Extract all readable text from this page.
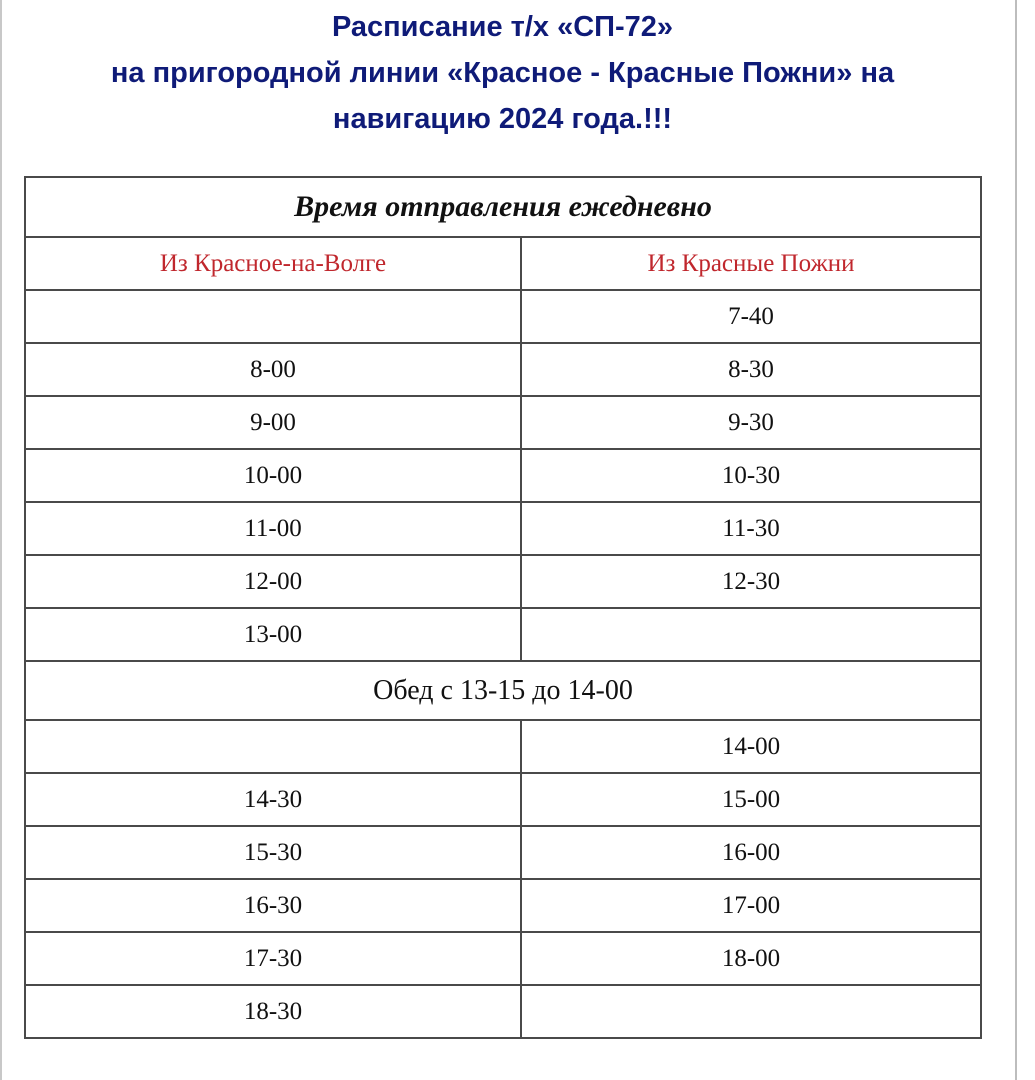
Расписание т/х «СП-72»
на пригородной линии «Красное - Красные Пожни» на
навигацию 2024 года.!!!
Время отправления ежедневно	
Из Красное-на-Волге	Из Красные Пожни
	7-40
8-00	8-30
9-00	9-30
10-00	10-30
11-00	11-30
12-00	12-30
13-00	
Обед с 13-15 до 14-00	
	14-00
14-30	15-00
15-30	16-00
16-30	17-00
17-30	18-00
18-30	
